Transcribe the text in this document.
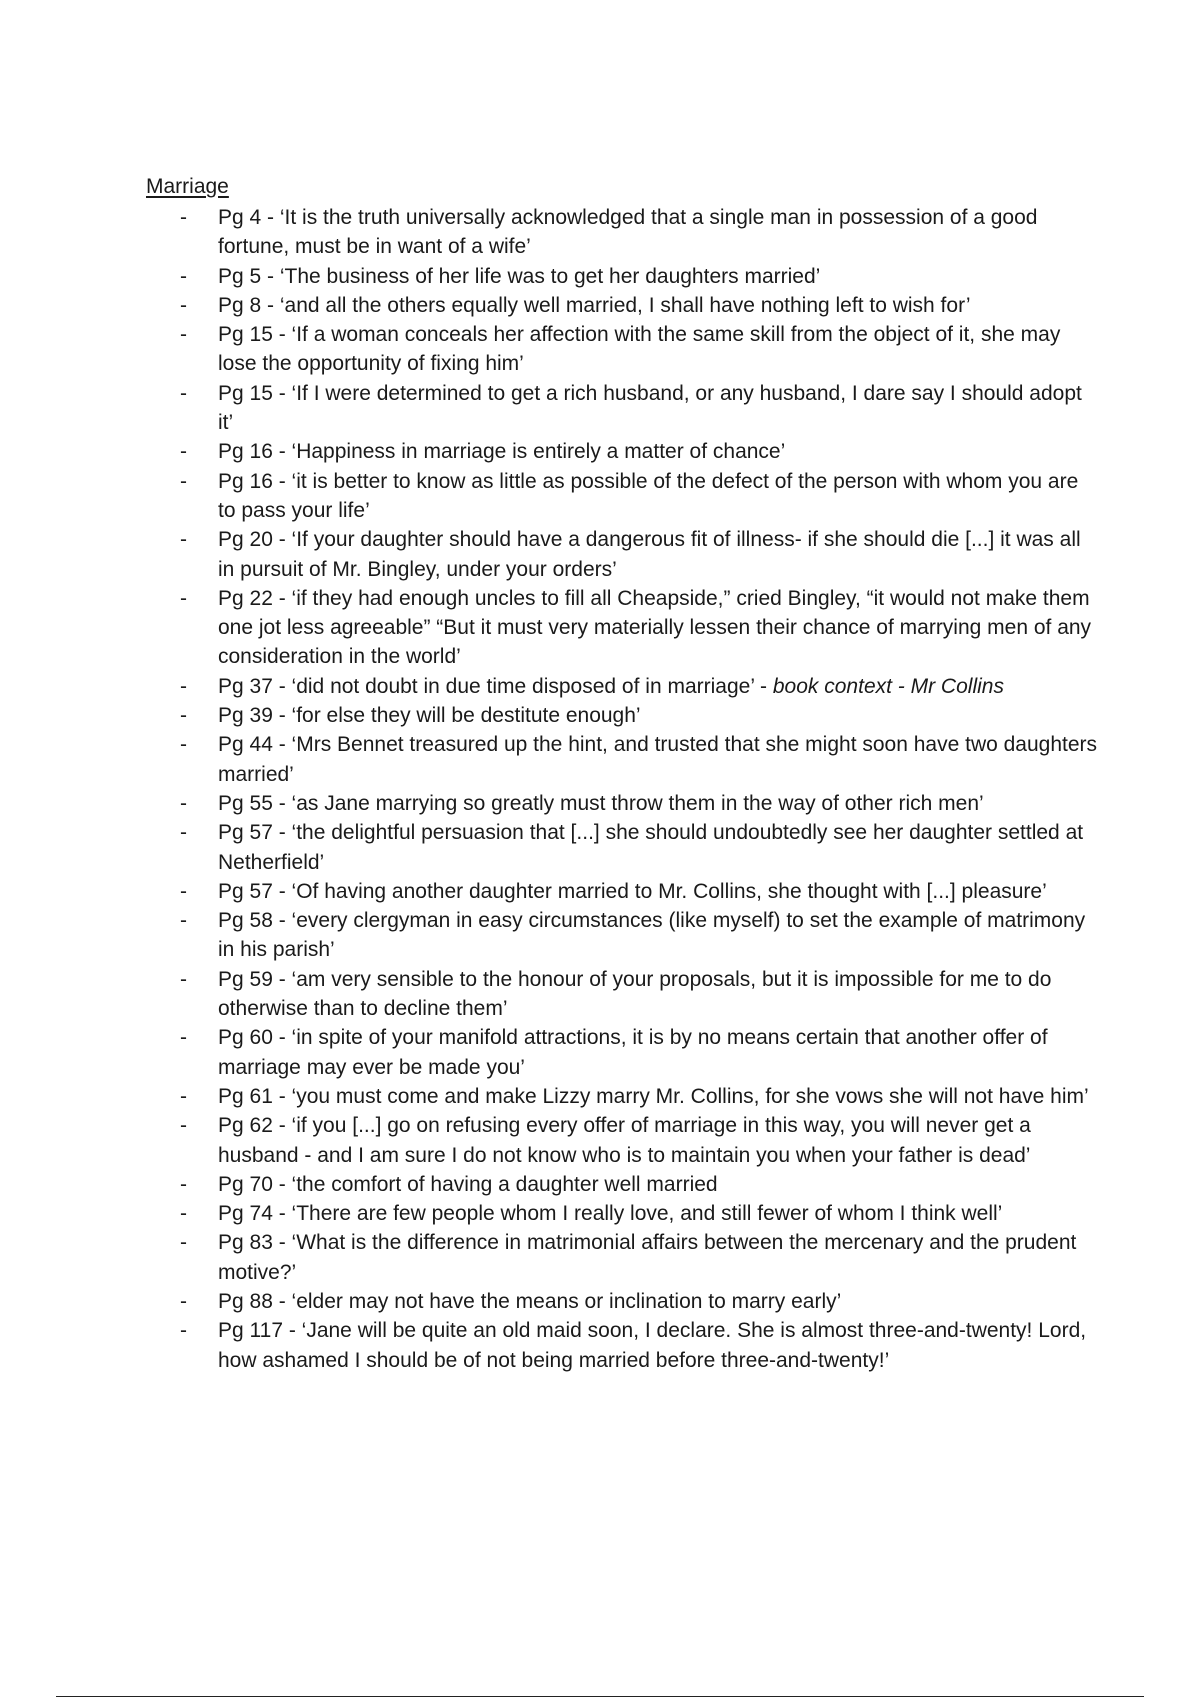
Marriage
- Pg 4 - ‘It is the truth universally acknowledged that a single man in possession of a good fortune, must be in want of a wife’
- Pg 5 - ‘The business of her life was to get her daughters married’
- Pg 8 - ‘and all the others equally well married, I shall have nothing left to wish for’
- Pg 15 - ‘If a woman conceals her affection with the same skill from the object of it, she may lose the opportunity of fixing him’
- Pg 15 - ‘If I were determined to get a rich husband, or any husband, I dare say I should adopt it’
- Pg 16 - ‘Happiness in marriage is entirely a matter of chance’
- Pg 16 - ‘it is better to know as little as possible of the defect of the person with whom you are to pass your life’
- Pg 20 - ‘If your daughter should have a dangerous fit of illness- if she should die [...] it was all in pursuit of Mr. Bingley, under your orders’
- Pg 22 - ‘if they had enough uncles to fill all Cheapside,” cried Bingley, “it would not make them one jot less agreeable” “But it must very materially lessen their chance of marrying men of any consideration in the world’
- Pg 37 - ‘did not doubt in due time disposed of in marriage’ - book context - Mr Collins
- Pg 39 - ‘for else they will be destitute enough’
- Pg 44 - ‘Mrs Bennet treasured up the hint, and trusted that she might soon have two daughters married’
- Pg 55 - ‘as Jane marrying so greatly must throw them in the way of other rich men’
- Pg 57 - ‘the delightful persuasion that [...] she should undoubtedly see her daughter settled at Netherfield’
- Pg 57 - ‘Of having another daughter married to Mr. Collins, she thought with [...] pleasure’
- Pg 58 - ‘every clergyman in easy circumstances (like myself) to set the example of matrimony in his parish’
- Pg 59 - ‘am very sensible to the honour of your proposals, but it is impossible for me to do otherwise than to decline them’
- Pg 60 - ‘in spite of your manifold attractions, it is by no means certain that another offer of marriage may ever be made you’
- Pg 61 - ‘you must come and make Lizzy marry Mr. Collins, for she vows she will not have him’
- Pg 62 - ‘if you [...] go on refusing every offer of marriage in this way, you will never get a husband - and I am sure I do not know who is to maintain you when your father is dead’
- Pg 70 - ‘the comfort of having a daughter well married
- Pg 74 - ‘There are few people whom I really love, and still fewer of whom I think well’
- Pg 83 - ‘What is the difference in matrimonial affairs between the mercenary and the prudent motive?’
- Pg 88 - ‘elder may not have the means or inclination to marry early’
- Pg 117 - ‘Jane will be quite an old maid soon, I declare. She is almost three-and-twenty! Lord, how ashamed I should be of not being married before three-and-twenty!’
